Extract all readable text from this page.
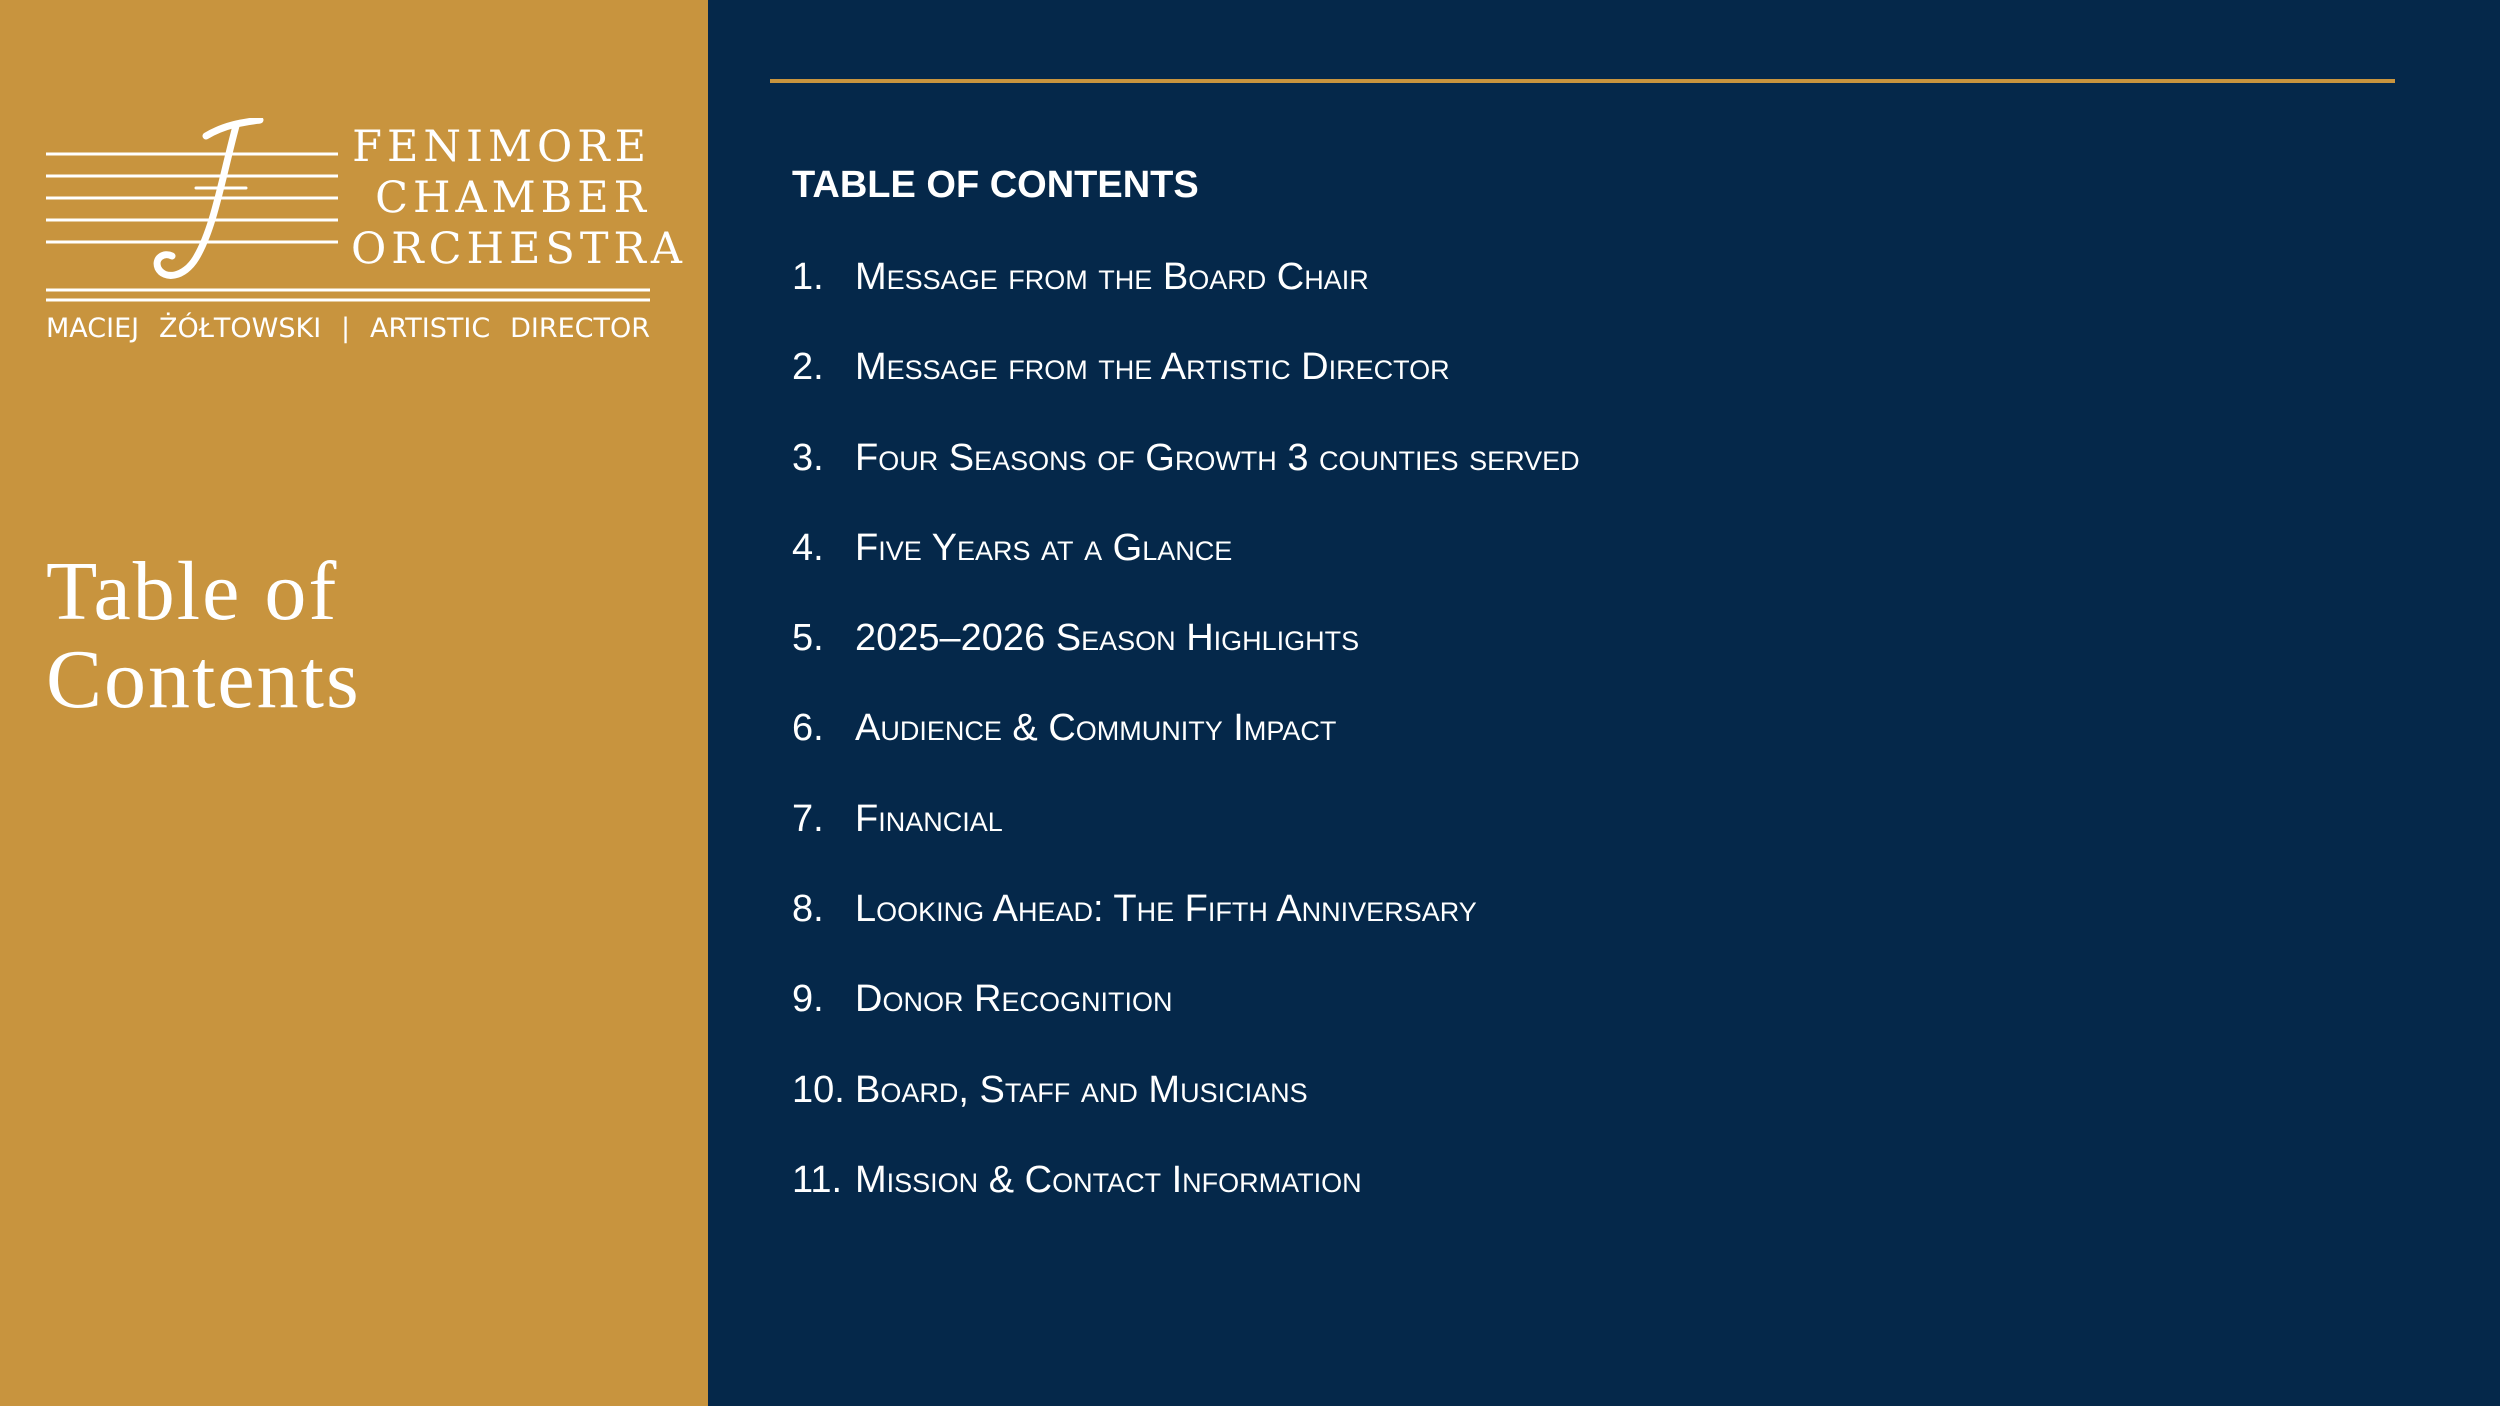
FENIMORE
CHAMBER
ORCHESTRA
MACIEJ ŻÓŁTOWSKI | ARTISTIC DIRECTOR
Table of
Contents
TABLE OF CONTENTS
1. Message from the Board Chair
2. Message from the Artistic Director
3. Four Seasons of Growth 3 counties served
4. Five Years at a Glance
5. 2025–2026 Season Highlights
6. Audience & Community Impact
7. Financial
8. Looking Ahead: The Fifth Anniversary
9. Donor Recognition
10. Board, Staff and Musicians
11. Mission & Contact Information
